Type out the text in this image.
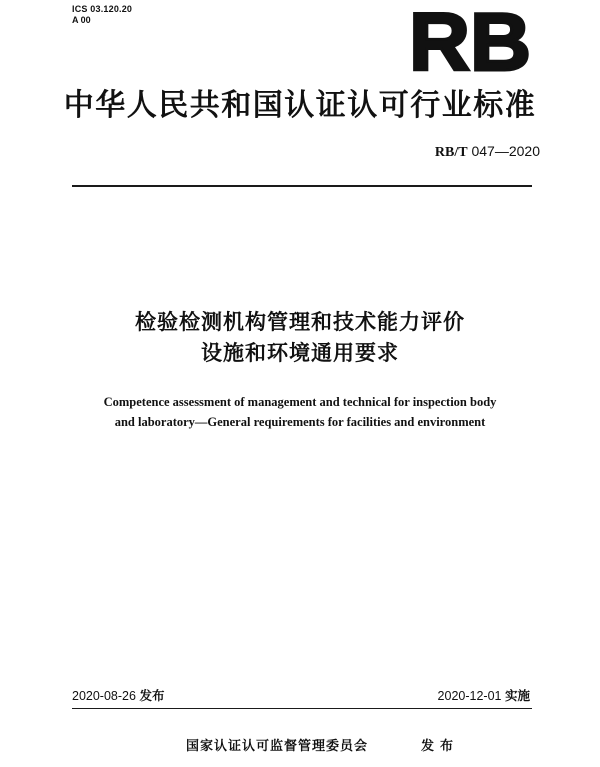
ICS 03.120.20
A 00	RB
中华人民共和国认证认可行业标准
RB/T 047—2020
检验检测机构管理和技术能力评价
设施和环境通用要求
Competence assessment of management and technical for inspection body
and laboratory—General requirements for facilities and environment
2020-08-26 发布	2020-12-01 实施
国家认证认可监督管理委员会	发布
